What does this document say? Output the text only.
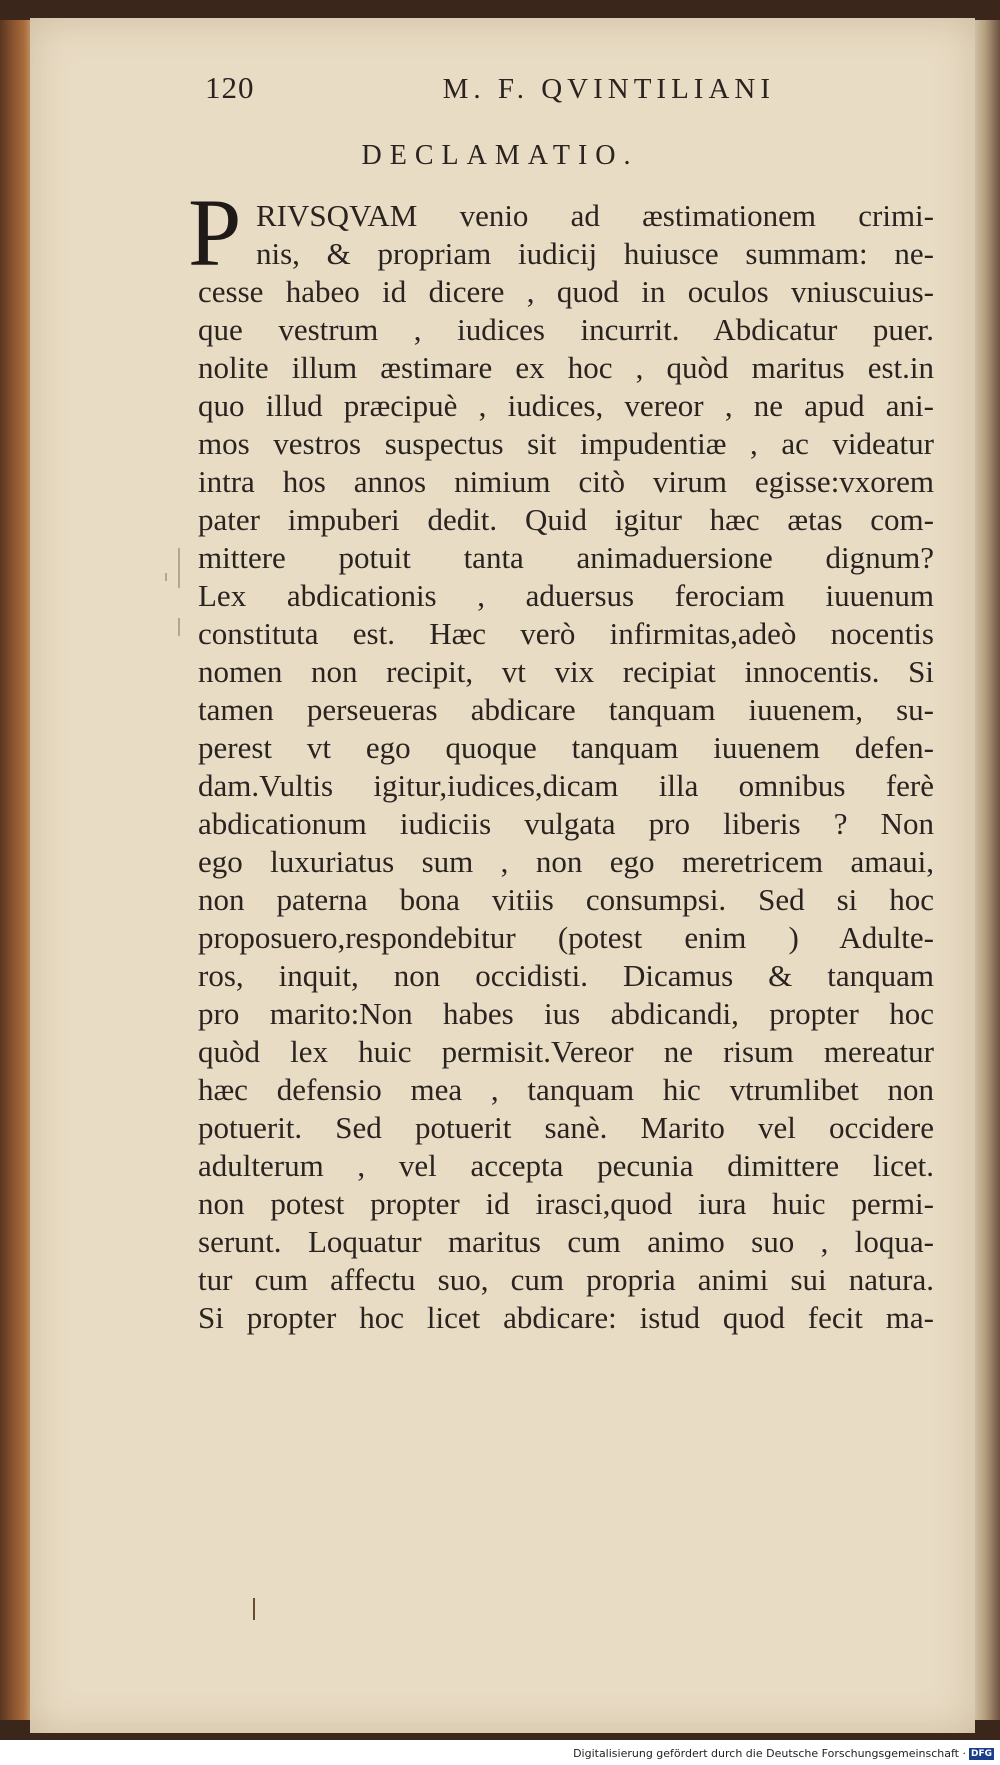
120	M. F. QVINTILIANI
DECLAMATIO.
P RIVSQVAM venio ad æstimationem crimi-
nis, & propriam iudicij huiusce summam: ne-
cesse habeo id dicere , quod in oculos vniuscuius-
que vestrum , iudices incurrit. Abdicatur puer.
nolite illum æstimare ex hoc , quòd maritus est.in
quo illud præcipuè , iudices, vereor , ne apud ani-
mos vestros suspectus sit impudentiæ , ac videatur
intra hos annos nimium citò virum egisse:vxorem
pater impuberi dedit. Quid igitur hæc ætas com-
mittere potuit tanta animaduersione dignum?
Lex abdicationis , aduersus ferociam iuuenum
constituta est. Hæc verò infirmitas,adeò nocentis
nomen non recipit, vt vix recipiat innocentis. Si
tamen perseueras abdicare tanquam iuuenem, su-
perest vt ego quoque tanquam iuuenem defen-
dam.Vultis igitur,iudices,dicam illa omnibus ferè
abdicationum iudiciis vulgata pro liberis ? Non
ego luxuriatus sum , non ego meretricem amaui,
non paterna bona vitiis consumpsi. Sed si hoc
proposuero,respondebitur (potest enim ) Adulte-
ros, inquit, non occidisti. Dicamus & tanquam
pro marito:Non habes ius abdicandi, propter hoc
quòd lex huic permisit.Vereor ne risum mereatur
hæc defensio mea , tanquam hic vtrumlibet non
potuerit. Sed potuerit sanè. Marito vel occidere
adulterum , vel accepta pecunia dimittere licet.
non potest propter id irasci,quod iura huic permi-
serunt. Loquatur maritus cum animo suo , loqua-
tur cum affectu suo, cum propria animi sui natura.
Si propter hoc licet abdicare: istud quod fecit ma-
Digitalisierung gefördert durch die Deutsche Forschungsgemeinschaft · DFG
